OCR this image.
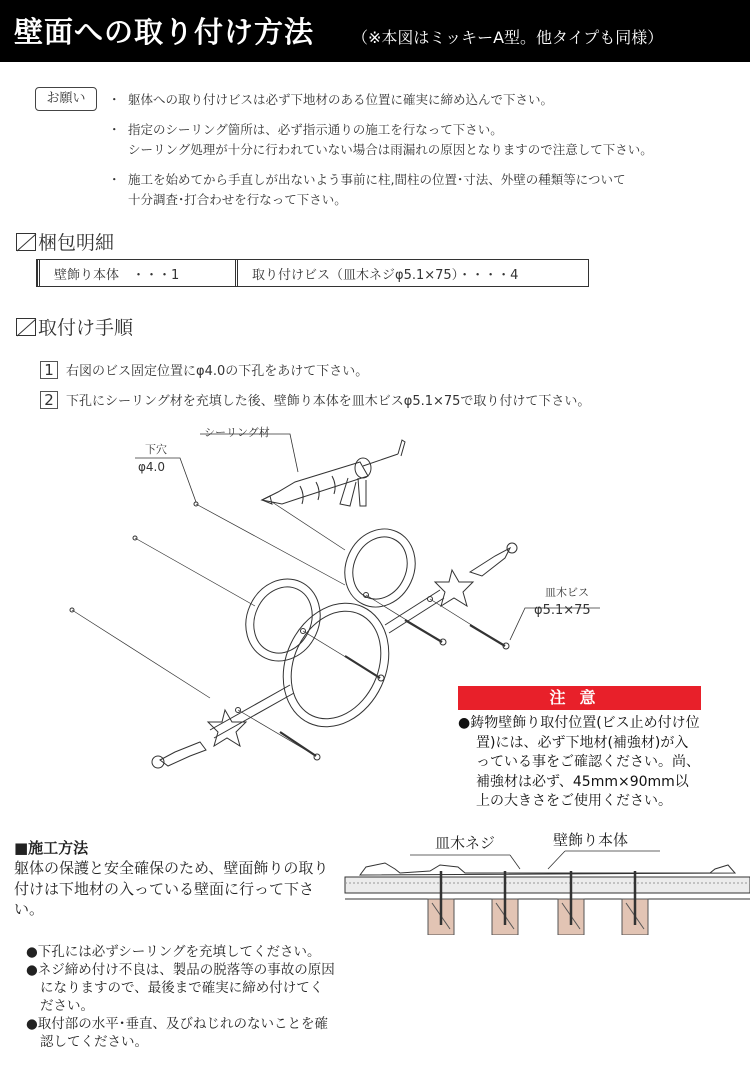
壁面への取り付け方法 （※本図はミッキーA型。他タイプも同様）
お願い	・ 躯体への取り付けビスは必ず下地材のある位置に確実に締め込んで下さい。
・ 指定のシーリング箇所は、必ず指示通りの施工を行なって下さい。
シーリング処理が十分に行われていない場合は雨漏れの原因となりますので注意して下さい。
・ 施工を始めてから手直しが出ないよう事前に柱,間柱の位置･寸法、外壁の種類等について
十分調査･打合わせを行なって下さい。
梱包明細
壁飾り本体　・・・1	取り付けビス（皿木ネジφ5.1×75）・・・・4
取付け手順
1 右図のビス固定位置にφ4.0の下孔をあけて下さい。
2 下孔にシーリング材を充填した後、壁飾り本体を皿木ビスφ5.1×75で取り付けて下さい。
下穴
φ4.0
シーリング材
皿木ビス
φ5.1×75
注意
●鋳物壁飾り取付位置(ビス止め付け位置)には、必ず下地材(補強材)が入っている事をご確認ください。尚、補強材は必ず、45mm×90mm以上の大きさをご使用ください。
■施工方法
躯体の保護と安全確保のため、壁面飾りの取り付けは下地材の入っている壁面に行って下さい。
●下孔には必ずシーリングを充填してください。
●ネジ締め付け不良は、製品の脱落等の事故の原因になりますので、最後まで確実に締め付けてください。
●取付部の水平･垂直、及びねじれのないことを確認してください。
皿木ネジ	壁飾り本体
